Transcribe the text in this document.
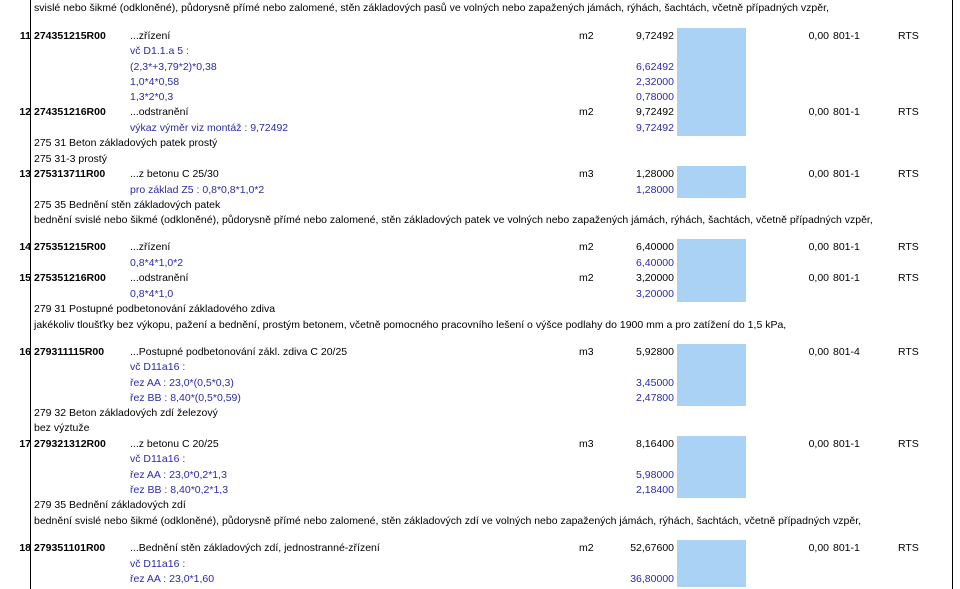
svislé nebo šikmé (odkloněné), půdorysně přímé nebo zalomené, stěn základových pasů ve volných nebo zapažených jámách, rýhách, šachtách, včetně případných vzpěr,
11 274351215R00 ...zřízení	m2	9,72492	0,00 801-1	RTS
vč D1.1.a 5 :
(2,3*+3,79*2)*0,38	6,62492
1,0*4*0,58	2,32000
1,3*2*0,3	0,78000
12 274351216R00 ...odstranění	m2	9,72492	0,00 801-1	RTS
výkaz výměr viz montáž : 9,72492	9,72492
275 31 Beton základových patek prostý
275 31-3 prostý
13 275313711R00 ...z betonu C 25/30	m3	1,28000	0,00 801-1	RTS
pro základ Z5 : 0,8*0,8*1,0*2	1,28000
275 35 Bednění stěn základových patek
bednění svislé nebo šikmé (odkloněné), půdorysně přímé nebo zalomené, stěn základových patek ve volných nebo zapažených jámách, rýhách, šachtách, včetně případných vzpěr,
14 275351215R00 ...zřízení	m2	6,40000	0,00 801-1	RTS
0,8*4*1,0*2	6,40000
15 275351216R00 ...odstranění	m2	3,20000	0,00 801-1	RTS
0,8*4*1,0	3,20000
279 31 Postupné podbetonování základového zdiva
jakékoliv tloušťky bez výkopu, pažení a bednění, prostým betonem, včetně pomocného pracovního lešení o výšce podlahy do 1900 mm a pro zatížení do 1,5 kPa,
16 279311115R00 ...Postupné podbetonování zákl. zdiva C 20/25	m3	5,92800	0,00 801-4	RTS
vč D11a16 :
řez AA : 23,0*(0,5*0,3)	3,45000
řez BB : 8,40*(0,5*0,59)	2,47800
279 32 Beton základových zdí železový
bez výztuže
17 279321312R00 ...z betonu C 20/25	m3	8,16400	0,00 801-1	RTS
vč D11a16 :
řez AA : 23,0*0,2*1,3	5,98000
řez BB : 8,40*0,2*1,3	2,18400
279 35 Bednění základových zdí
bednění svislé nebo šikmé (odkloněné), půdorysně přímé nebo zalomené, stěn základových zdí ve volných nebo zapažených jámách, rýhách, šachtách, včetně případných vzpěr,
18 279351101R00 ...Bednění stěn základových zdí, jednostranné-zřízení	m2	52,67600	0,00 801-1	RTS
vč D11a16 :
řez AA : 23,0*1,60	36,80000
